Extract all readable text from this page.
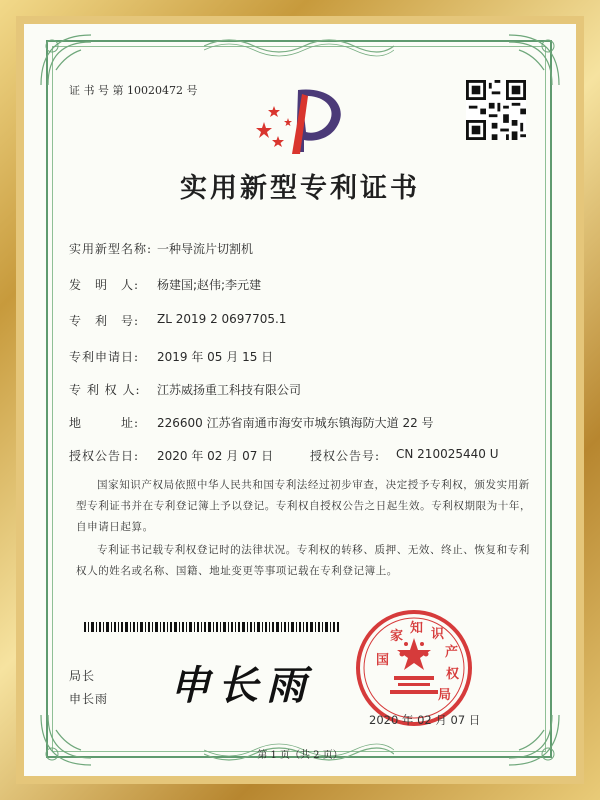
证 书 号 第 10020472 号
实用新型专利证书
实用新型名称: 一种导流片切割机
发　明　人: 杨建国;赵伟;李元建
专　利　号: ZL 2019 2 0697705.1
专利申请日: 2019 年 05 月 15 日
专 利 权 人: 江苏威扬重工科技有限公司
地　　　址: 226600 江苏省南通市海安市城东镇海防大道 22 号
授权公告日: 2020 年 02 月 07 日	授权公告号: CN 210025440 U
国家知识产权局依照中华人民共和国专利法经过初步审查，决定授予专利权，颁发实用新型专利证书并在专利登记簿上予以登记。专利权自授权公告之日起生效。专利权期限为十年，自申请日起算。
专利证书记载专利权登记时的法律状况。专利权的转移、质押、无效、终止、恢复和专利权人的姓名或名称、国籍、地址变更等事项记载在专利登记簿上。
局长
申长雨 申长雨
国
家
知 识
产
权
局
2020 年 02 月 07 日
第 1 页（共 2 页）
